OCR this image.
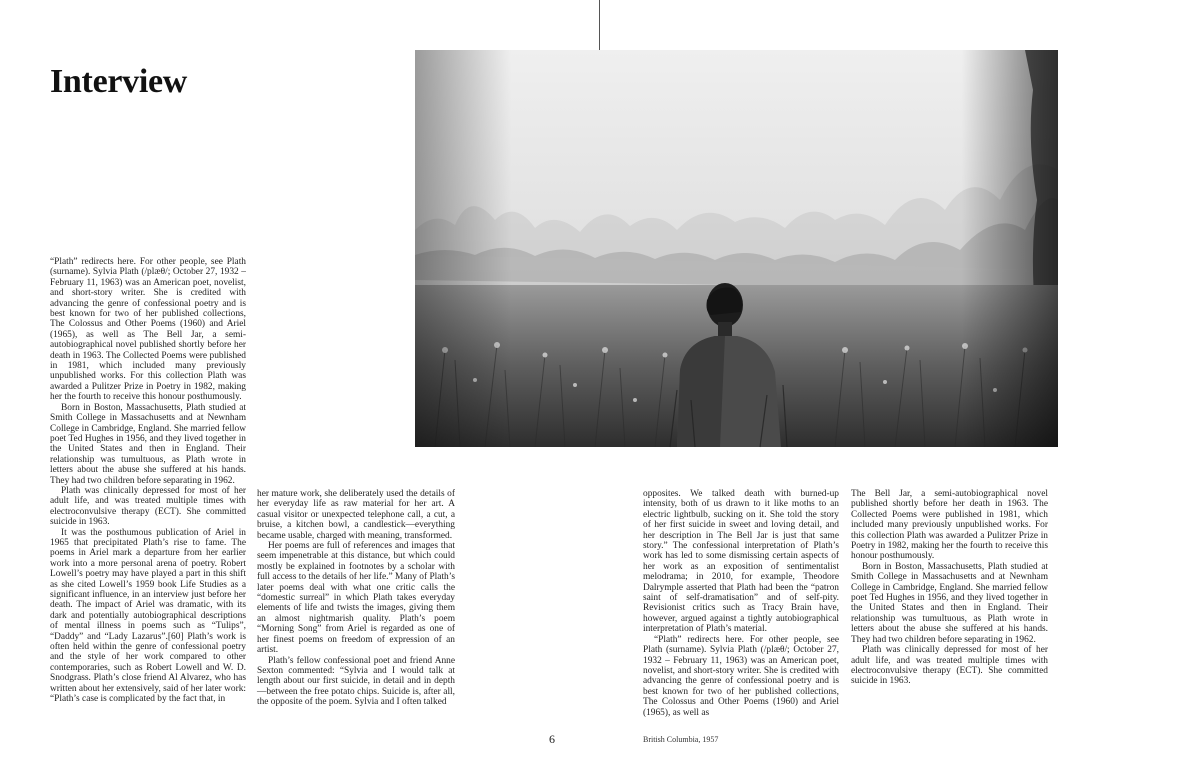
Interview

“Plath” redirects here. For other people, see Plath (surname). Sylvia Plath (/plæθ/; October 27, 1932 – February 11, 1963) was an American poet, novelist, and short-story writer. She is credited with advancing the genre of confessional poetry and is best known for two of her published collections, The Colossus and Other Poems (1960) and Ariel (1965), as well as The Bell Jar, a semi-autobiographical novel published shortly before her death in 1963. The Collected Poems were published in 1981, which included many previously unpublished works. For this collection Plath was awarded a Pulitzer Prize in Poetry in 1982, making her the fourth to receive this honour posthumously.

Born in Boston, Massachusetts, Plath studied at Smith College in Massachusetts and at Newnham College in Cambridge, England. She married fellow poet Ted Hughes in 1956, and they lived together in the United States and then in England. Their relationship was tumultuous, as Plath wrote in letters about the abuse she suffered at his hands. They had two children before separating in 1962.

Plath was clinically depressed for most of her adult life, and was treated multiple times with electroconvulsive therapy (ECT). She committed suicide in 1963.

It was the posthumous publication of Ariel in 1965 that precipitated Plath’s rise to fame. The poems in Ariel mark a departure from her earlier work into a more personal arena of poetry. Robert Lowell’s poetry may have played a part in this shift as she cited Lowell’s 1959 book Life Studies as a significant influence, in an interview just before her death. The impact of Ariel was dramatic, with its dark and potentially autobiographical descriptions of mental illness in poems such as “Tulips”, “Daddy” and “Lady Lazarus”.[60] Plath’s work is often held within the genre of confessional poetry and the style of her work compared to other contemporaries, such as Robert Lowell and W. D. Snodgrass. Plath’s close friend Al Alvarez, who has written about her extensively, said of her later work: “Plath’s case is complicated by the fact that, in

her mature work, she deliberately used the details of her everyday life as raw material for her art. A casual visitor or unexpected telephone call, a cut, a bruise, a kitchen bowl, a candlestick—everything became usable, charged with meaning, transformed.

Her poems are full of references and images that seem impenetrable at this distance, but which could mostly be explained in footnotes by a scholar with full access to the details of her life.” Many of Plath’s later poems deal with what one critic calls the “domestic surreal” in which Plath takes everyday elements of life and twists the images, giving them an almost nightmarish quality. Plath’s poem “Morning Song” from Ariel is regarded as one of her finest poems on freedom of expression of an artist.

Plath’s fellow confessional poet and friend Anne Sexton commented: “Sylvia and I would talk at length about our first suicide, in detail and in depth—between the free potato chips. Suicide is, after all, the opposite of the poem. Sylvia and I often talked

opposites. We talked death with burned-up intensity, both of us drawn to it like moths to an electric lightbulb, sucking on it. She told the story of her first suicide in sweet and loving detail, and her description in The Bell Jar is just that same story.” The confessional interpretation of Plath’s work has led to some dismissing certain aspects of her work as an exposition of sentimentalist melodrama; in 2010, for example, Theodore Dalrymple asserted that Plath had been the “patron saint of self-dramatisation” and of self-pity. Revisionist critics such as Tracy Brain have, however, argued against a tightly autobiographical interpretation of Plath’s material.

“Plath” redirects here. For other people, see Plath (surname). Sylvia Plath (/plæθ/; October 27, 1932 – February 11, 1963) was an American poet, novelist, and short-story writer. She is credited with advancing the genre of confessional poetry and is best known for two of her published collections, The Colossus and Other Poems (1960) and Ariel (1965), as well as

The Bell Jar, a semi-autobiographical novel published shortly before her death in 1963. The Collected Poems were published in 1981, which included many previously unpublished works. For this collection Plath was awarded a Pulitzer Prize in Poetry in 1982, making her the fourth to receive this honour posthumously.

Born in Boston, Massachusetts, Plath studied at Smith College in Massachusetts and at Newnham College in Cambridge, England. She married fellow poet Ted Hughes in 1956, and they lived together in the United States and then in England. Their relationship was tumultuous, as Plath wrote in letters about the abuse she suffered at his hands. They had two children before separating in 1962.

Plath was clinically depressed for most of her adult life, and was treated multiple times with electroconvulsive therapy (ECT). She committed suicide in 1963.

6	British Columbia, 1957
